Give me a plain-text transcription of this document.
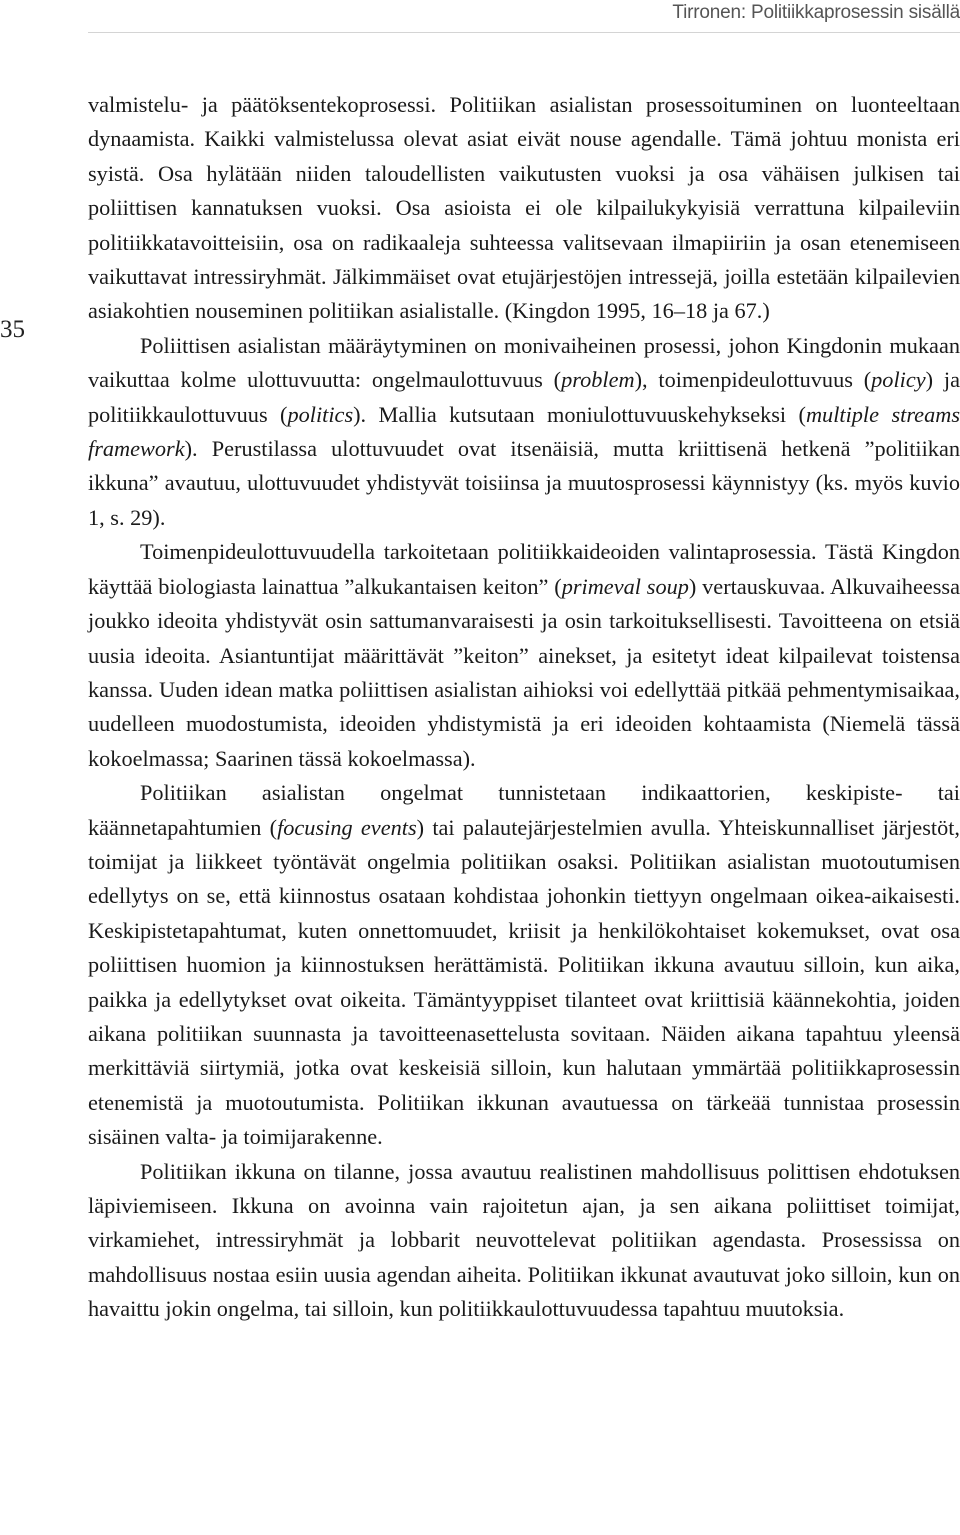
Tirronen: Politiikkaprosessin sisällä
35

valmistelu- ja päätöksentekoprosessi. Politiikan asialistan prosessoituminen on luonteeltaan dynaamista. Kaikki valmistelussa olevat asiat eivät nouse agendalle. Tämä johtuu monista eri syistä. Osa hylätään niiden taloudellisten vaikutusten vuoksi ja osa vähäisen julkisen tai poliittisen kannatuksen vuoksi. Osa asioista ei ole kilpailukykyisiä verrattuna kilpaileviin politiikkatavoitteisiin, osa on radikaaleja suhteessa valitsevaan ilmapiiriin ja osan etenemiseen vaikuttavat intressiryhmät. Jälkimmäiset ovat etujärjestöjen intressejä, joilla estetään kilpailevien asiakohtien nouseminen politiikan asialistalle. (Kingdon 1995, 16–18 ja 67.)

Poliittisen asialistan määräytyminen on monivaiheinen prosessi, johon Kingdonin mukaan vaikuttaa kolme ulottuvuutta: ongelmaulottuvuus (problem), toimenpideulottuvuus (policy) ja politiikkaulottuvuus (politics). Mallia kutsutaan moniulottuvuuskehykseksi (multiple streams framework). Perustilassa ulottuvuudet ovat itsenäisiä, mutta kriittisenä hetkenä ”politiikan ikkuna” avautuu, ulottuvuudet yhdistyvät toisiinsa ja muutosprosessi käynnistyy (ks. myös kuvio 1, s. 29).

Toimenpideulottuvuudella tarkoitetaan politiikkaideoiden valintaprosessia. Tästä Kingdon käyttää biologiasta lainattua ”alkukantaisen keiton” (primeval soup) vertauskuvaa. Alkuvaiheessa joukko ideoita yhdistyvät osin sattumanvaraisesti ja osin tarkoituksellisesti. Tavoitteena on etsiä uusia ideoita. Asiantuntijat määrittävät ”keiton” ainekset, ja esitetyt ideat kilpailevat toistensa kanssa. Uuden idean matka poliittisen asialistan aihioksi voi edellyttää pitkää pehmentymisaikaa, uudelleen muodostumista, ideoiden yhdistymistä ja eri ideoiden kohtaamista (Niemelä tässä kokoelmassa; Saarinen tässä kokoelmassa).

Politiikan asialistan ongelmat tunnistetaan indikaattorien, keskipiste- tai käännetapahtumien (focusing events) tai palautejärjestelmien avulla. Yhteiskunnalliset järjestöt, toimijat ja liikkeet työntävät ongelmia politiikan osaksi. Politiikan asialistan muotoutumisen edellytys on se, että kiinnostus osataan kohdistaa johonkin tiettyyn ongelmaan oikea-aikaisesti. Keskipistetapahtumat, kuten onnettomuudet, kriisit ja henkilökohtaiset kokemukset, ovat osa poliittisen huomion ja kiinnostuksen herättämistä. Politiikan ikkuna avautuu silloin, kun aika, paikka ja edellytykset ovat oikeita. Tämäntyyppiset tilanteet ovat kriittisiä käännekohtia, joiden aikana politiikan suunnasta ja tavoitteenasettelusta sovitaan. Näiden aikana tapahtuu yleensä merkittäviä siirtymiä, jotka ovat keskeisiä silloin, kun halutaan ymmärtää politiikkaprosessin etenemistä ja muotoutumista. Politiikan ikkunan avautuessa on tärkeää tunnistaa prosessin sisäinen valta- ja toimijarakenne.

Politiikan ikkuna on tilanne, jossa avautuu realistinen mahdollisuus polittisen ehdotuksen läpiviemiseen. Ikkuna on avoinna vain rajoitetun ajan, ja sen aikana poliittiset toimijat, virkamiehet, intressiryhmät ja lobbarit neuvottelevat politiikan agendasta. Prosessissa on mahdollisuus nostaa esiin uusia agendan aiheita. Politiikan ikkunat avautuvat joko silloin, kun on havaittu jokin ongelma, tai silloin, kun politiikkaulottuvuudessa tapahtuu muutoksia.
